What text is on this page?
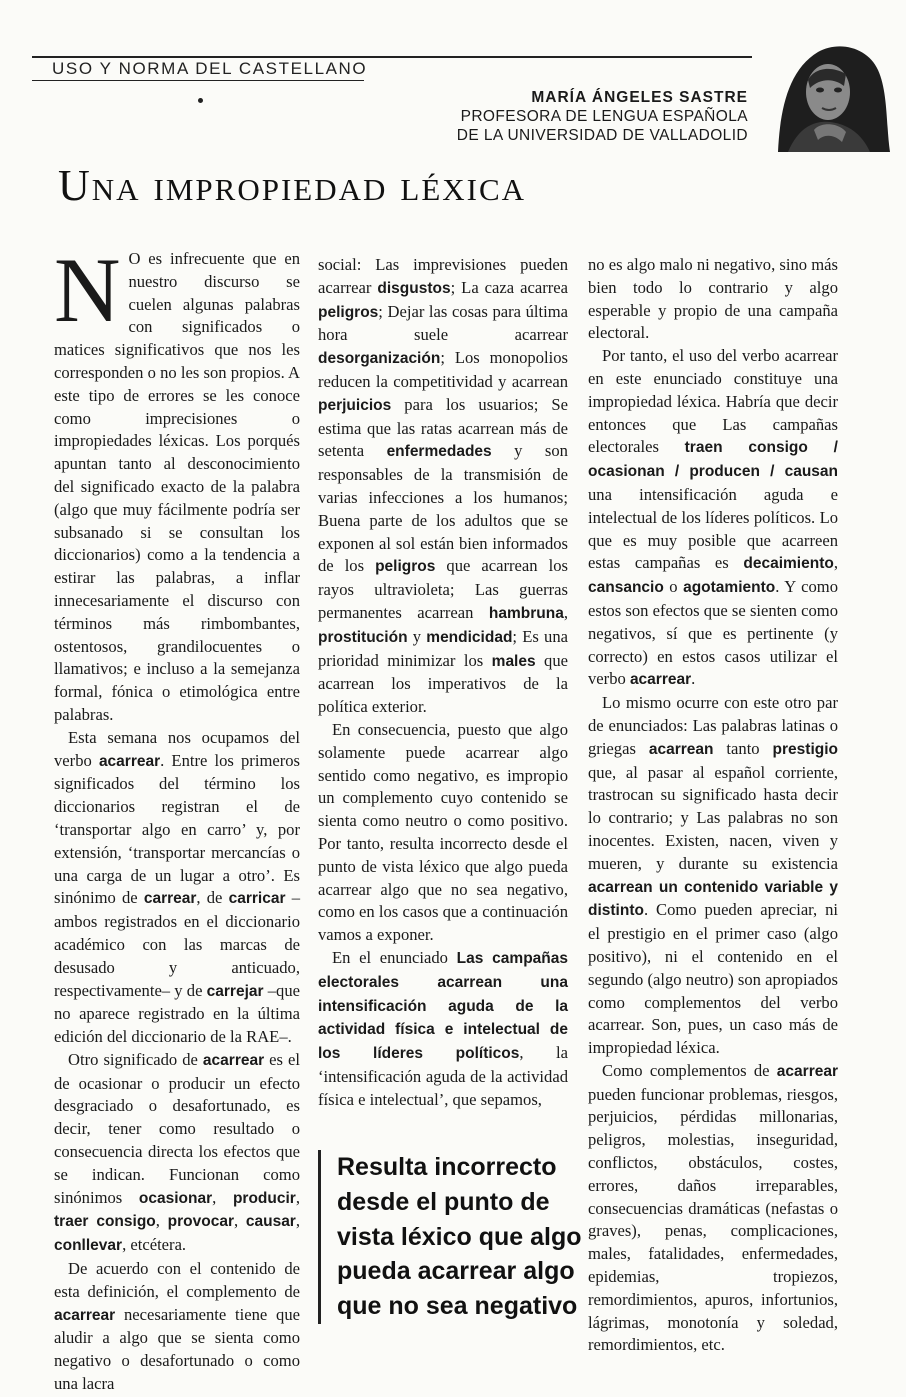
USO Y NORMA DEL CASTELLANO
MARÍA ÁNGELES SASTRE
PROFESORA DE LENGUA ESPAÑOLA
DE LA UNIVERSIDAD DE VALLADOLID
Una impropiedad léxica

N O es infrecuente que en nuestro discurso se cuelen algunas palabras con significados o matices significativos que nos les corresponden o no les son propios. A este tipo de errores se les conoce como imprecisiones o impropiedades léxicas. Los porqués apuntan tanto al desconocimiento del significado exacto de la palabra (algo que muy fácilmente podría ser subsanado si se consultan los diccionarios) como a la tendencia a estirar las palabras, a inflar innecesariamente el discurso con términos más rimbombantes, ostentosos, grandilocuentes o llamativos; e incluso a la semejanza formal, fónica o etimológica entre palabras.

Esta semana nos ocupamos del verbo acarrear. Entre los primeros significados del término los diccionarios registran el de ‘transportar algo en carro’ y, por extensión, ‘transportar mercancías o una carga de un lugar a otro’. Es sinónimo de carrear, de carricar –ambos registrados en el diccionario académico con las marcas de desusado y anticuado, respectivamente– y de carrejar –que no aparece registrado en la última edición del diccionario de la RAE–.

Otro significado de acarrear es el de ocasionar o producir un efecto desgraciado o desafortunado, es decir, tener como resultado o consecuencia directa los efectos que se indican. Funcionan como sinónimos ocasionar, producir, traer consigo, provocar, causar, conllevar, etcétera.

De acuerdo con el contenido de esta definición, el complemento de acarrear necesariamente tiene que aludir a algo que se sienta como negativo o desafortunado o como una lacra

social: Las imprevisiones pueden acarrear disgustos; La caza acarrea peligros; Dejar las cosas para última hora suele acarrear desorganización; Los monopolios reducen la competitividad y acarrean perjuicios para los usuarios; Se estima que las ratas acarrean más de setenta enfermedades y son responsables de la transmisión de varias infecciones a los humanos; Buena parte de los adultos que se exponen al sol están bien informados de los peligros que acarrean los rayos ultravioleta; Las guerras permanentes acarrean hambruna, prostitución y mendicidad; Es una prioridad minimizar los males que acarrean los imperativos de la política exterior.

En consecuencia, puesto que algo solamente puede acarrear algo sentido como negativo, es impropio un complemento cuyo contenido se sienta como neutro o como positivo. Por tanto, resulta incorrecto desde el punto de vista léxico que algo pueda acarrear algo que no sea negativo, como en los casos que a continuación vamos a exponer.

En el enunciado Las campañas electorales acarrean una intensificación aguda de la actividad física e intelectual de los líderes políticos, la ‘intensificación aguda de la actividad física e intelectual’, que sepamos,

no es algo malo ni negativo, sino más bien todo lo contrario y algo esperable y propio de una campaña electoral.

Por tanto, el uso del verbo acarrear en este enunciado constituye una impropiedad léxica. Habría que decir entonces que Las campañas electorales traen consigo / ocasionan / producen / causan una intensificación aguda e intelectual de los líderes políticos. Lo que es muy posible que acarreen estas campañas es decaimiento, cansancio o agotamiento. Y como estos son efectos que se sienten como negativos, sí que es pertinente (y correcto) en estos casos utilizar el verbo acarrear.

Lo mismo ocurre con este otro par de enunciados: Las palabras latinas o griegas acarrean tanto prestigio que, al pasar al español corriente, trastrocan su significado hasta decir lo contrario; y Las palabras no son inocentes. Existen, nacen, viven y mueren, y durante su existencia acarrean un contenido variable y distinto. Como pueden apreciar, ni el prestigio en el primer caso (algo positivo), ni el contenido en el segundo (algo neutro) son apropiados como complementos del verbo acarrear. Son, pues, un caso más de impropiedad léxica.

Como complementos de acarrear pueden funcionar problemas, riesgos, perjuicios, pérdidas millonarias, peligros, molestias, inseguridad, conflictos, obstáculos, costes, errores, daños irreparables, consecuencias dramáticas (nefastas o graves), penas, complicaciones, males, fatalidades, enfermedades, epidemias, tropiezos, remordimientos, apuros, infortunios, lágrimas, monotonía y soledad, remordimientos, etc.

Resulta incorrecto desde el punto de vista léxico que algo pueda acarrear algo que no sea negativo
